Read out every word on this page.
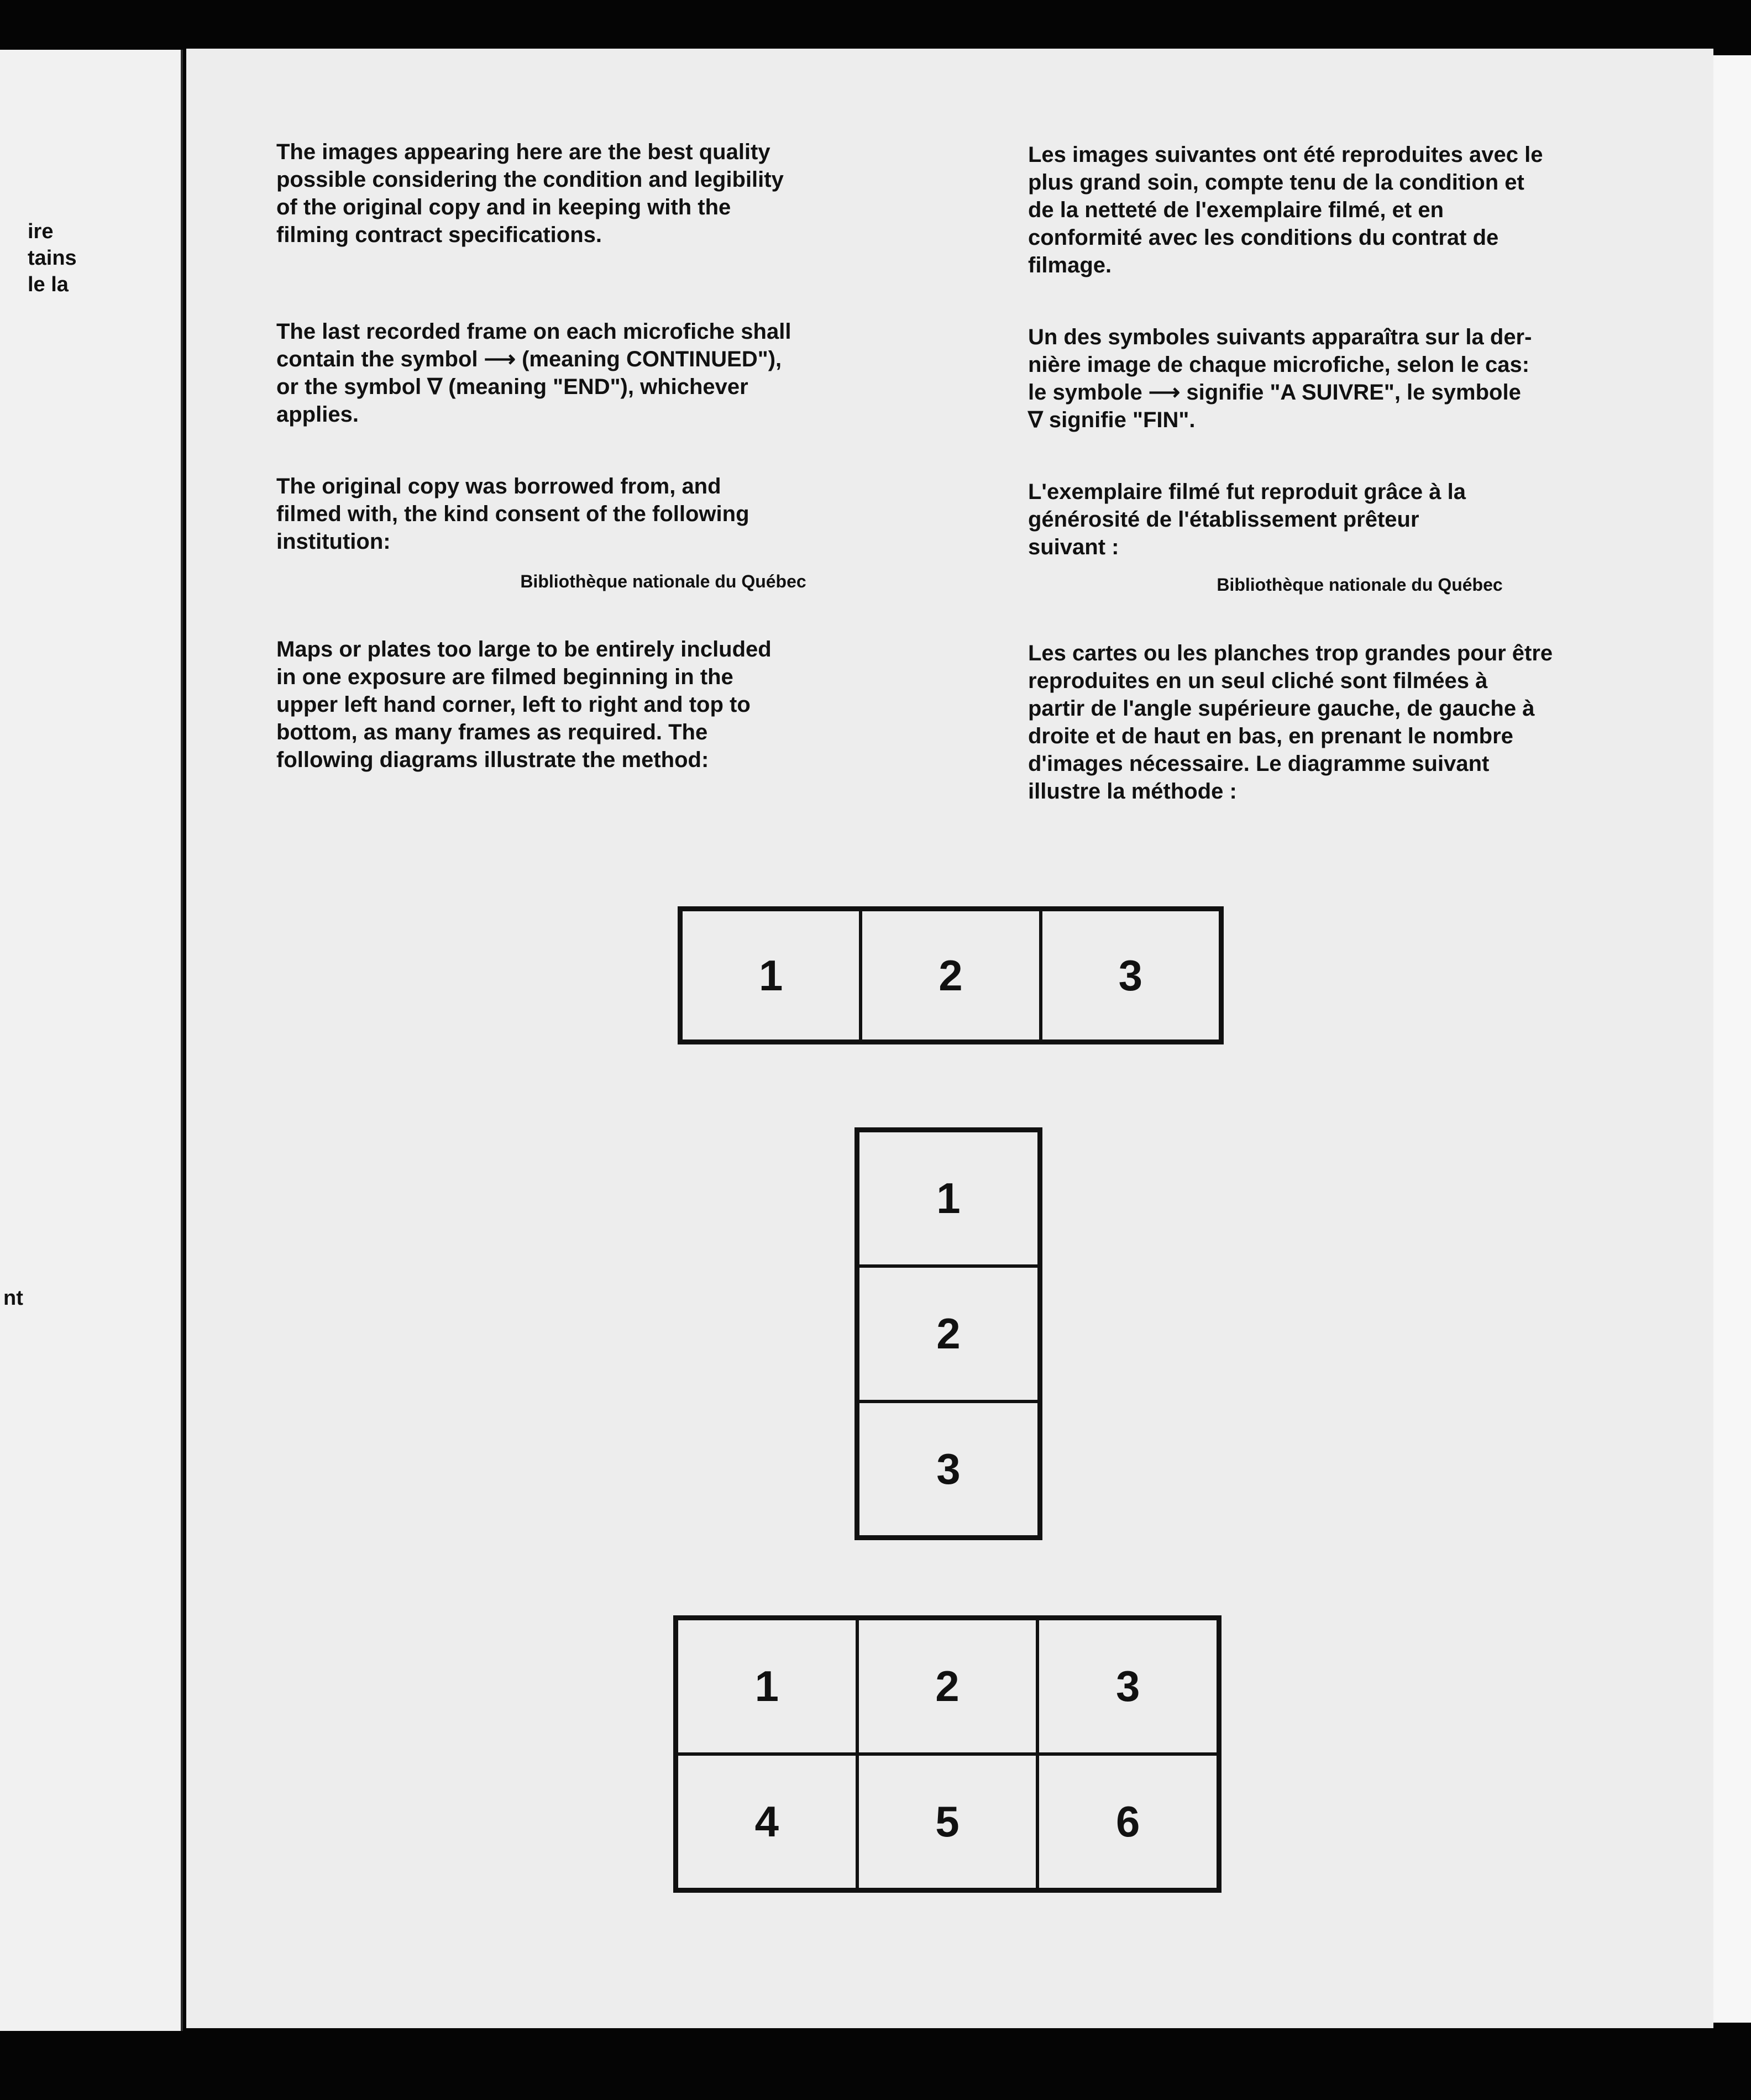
ire

tains

le la

nt

The images appearing here are the best quality
possible considering the condition and legibility
of the original copy and in keeping with the
filming contract specifications.

The last recorded frame on each microfiche shall
contain the symbol ⟶ (meaning CONTINUED"),
or the symbol ∇ (meaning "END"), whichever
applies.

The original copy was borrowed from, and
filmed with, the kind consent of the following
institution:

Bibliothèque nationale du Québec

Maps or plates too large to be entirely included
in one exposure are filmed beginning in the
upper left hand corner, left to right and top to
bottom, as many frames as required. The
following diagrams illustrate the method:

Les images suivantes ont été reproduites avec le
plus grand soin, compte tenu de la condition et
de la netteté de l'exemplaire filmé, et en
conformité avec les conditions du contrat de
filmage.

Un des symboles suivants apparaîtra sur la der-
nière image de chaque microfiche, selon le cas:
le symbole ⟶ signifie "A SUIVRE", le symbole
∇ signifie "FIN".

L'exemplaire filmé fut reproduit grâce à la
générosité de l'établissement prêteur
suivant :

Bibliothèque nationale du Québec

Les cartes ou les planches trop grandes pour être
reproduites en un seul cliché sont filmées à
partir de l'angle supérieure gauche, de gauche à
droite et de haut en bas, en prenant le nombre
d'images nécessaire. Le diagramme suivant
illustre la méthode :

1	2	3
1
2
3
1	2	3
4	5	6
